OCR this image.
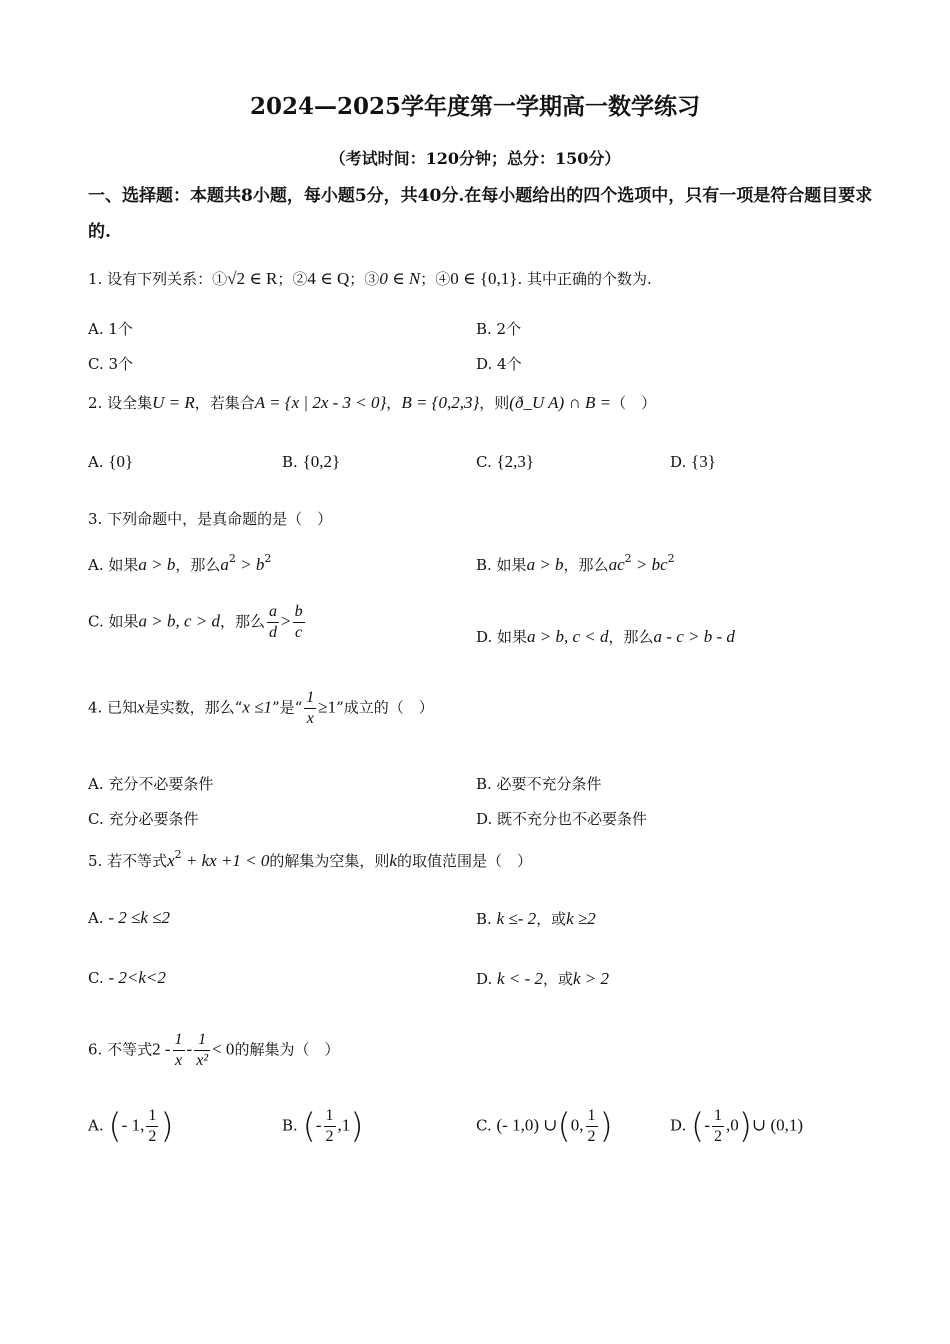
2024—2025学年度第一学期高一数学练习
（考试时间：120分钟；总分：150分）
一、选择题：本题共8小题，每小题5分，共40分.在每小题给出的四个选项中，只有一项是符合题目要求的.
1. 设有下列关系：①√2 ∈ R；②4 ∈ Q；③0 ∈ N；④0 ∈ {0,1}. 其中正确的个数为.
A. 1个	B. 2个
C. 3个	D. 4个
2. 设全集U = R，若集合A = {x | 2x - 3 < 0}，B = {0,2,3}，则(ð_U A) ∩ B =（　）
A. {0}	B. {0,2}	C. {2,3}	D. {3}
3. 下列命题中，是真命题的是（　）
A. 如果a > b，那么$a^2 > b^2$	B. 如果a > b，那么$ac^2 > bc^2$
C. 如果a > b, c > d，那么 $\frac{a}{d} > \frac{b}{c}$	D. 如果a > b, c < d，那么a - c > b - d
4. 已知x是实数，那么“x ≤1”是“ $\frac{1}{x} \ge 1$”成立的（　）
A. 充分不必要条件	B. 必要不充分条件
C. 充分必要条件	D. 既不充分也不必要条件
5. 若不等式$x^2$ + kx +1 < 0的解集为空集，则k的取值范围是（　）
A. - 2 ≤k ≤2	B. k ≤- 2，或k ≥2
C. - 2<k<2	D. k < - 2，或k > 2
6. 不等式$2 - \frac{1}{x} - \frac{1}{\text{x²}} < 0$的解集为（　）
A. (- 1, $\frac{1}{2}$ )	B. (- $\frac{1}{2} ,1$)	C. (- 1,0) ∪(0, $\frac{1}{2}$ )	D. (- $\frac{1}{2}$ ,0)∪ (0,1)
